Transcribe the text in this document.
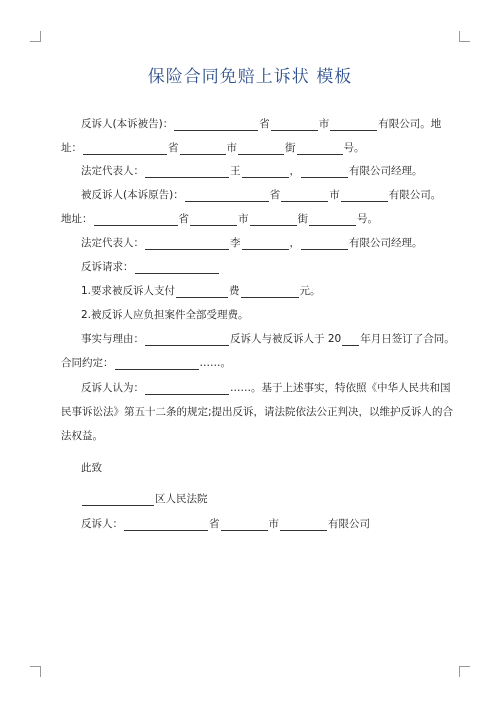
保险合同免赔上诉状 模板
反诉人(本诉被告)：	省	市	有限公司。地
址：	省	市	街	号。
法定代表人：	王	，	有限公司经理。
被反诉人(本诉原告)：	省	市	有限公司。
地址：	省	市	街	号。
法定代表人：	李	，	有限公司经理。
反诉请求：
1.要求被反诉人支付	费	元。
2.被反诉人应负担案件全部受理费。
事实与理由：	反诉人与被反诉人于 20 年月日签订了合同。
合同约定：	……。
反诉人认为：	……。基于上述事实，特依照《中华人民共和国
民事诉讼法》第五十二条的规定;提出反诉，请法院依法公正判决，以维护反诉人的合
法权益。
此致
区人民法院
反诉人：	省	市	有限公司
